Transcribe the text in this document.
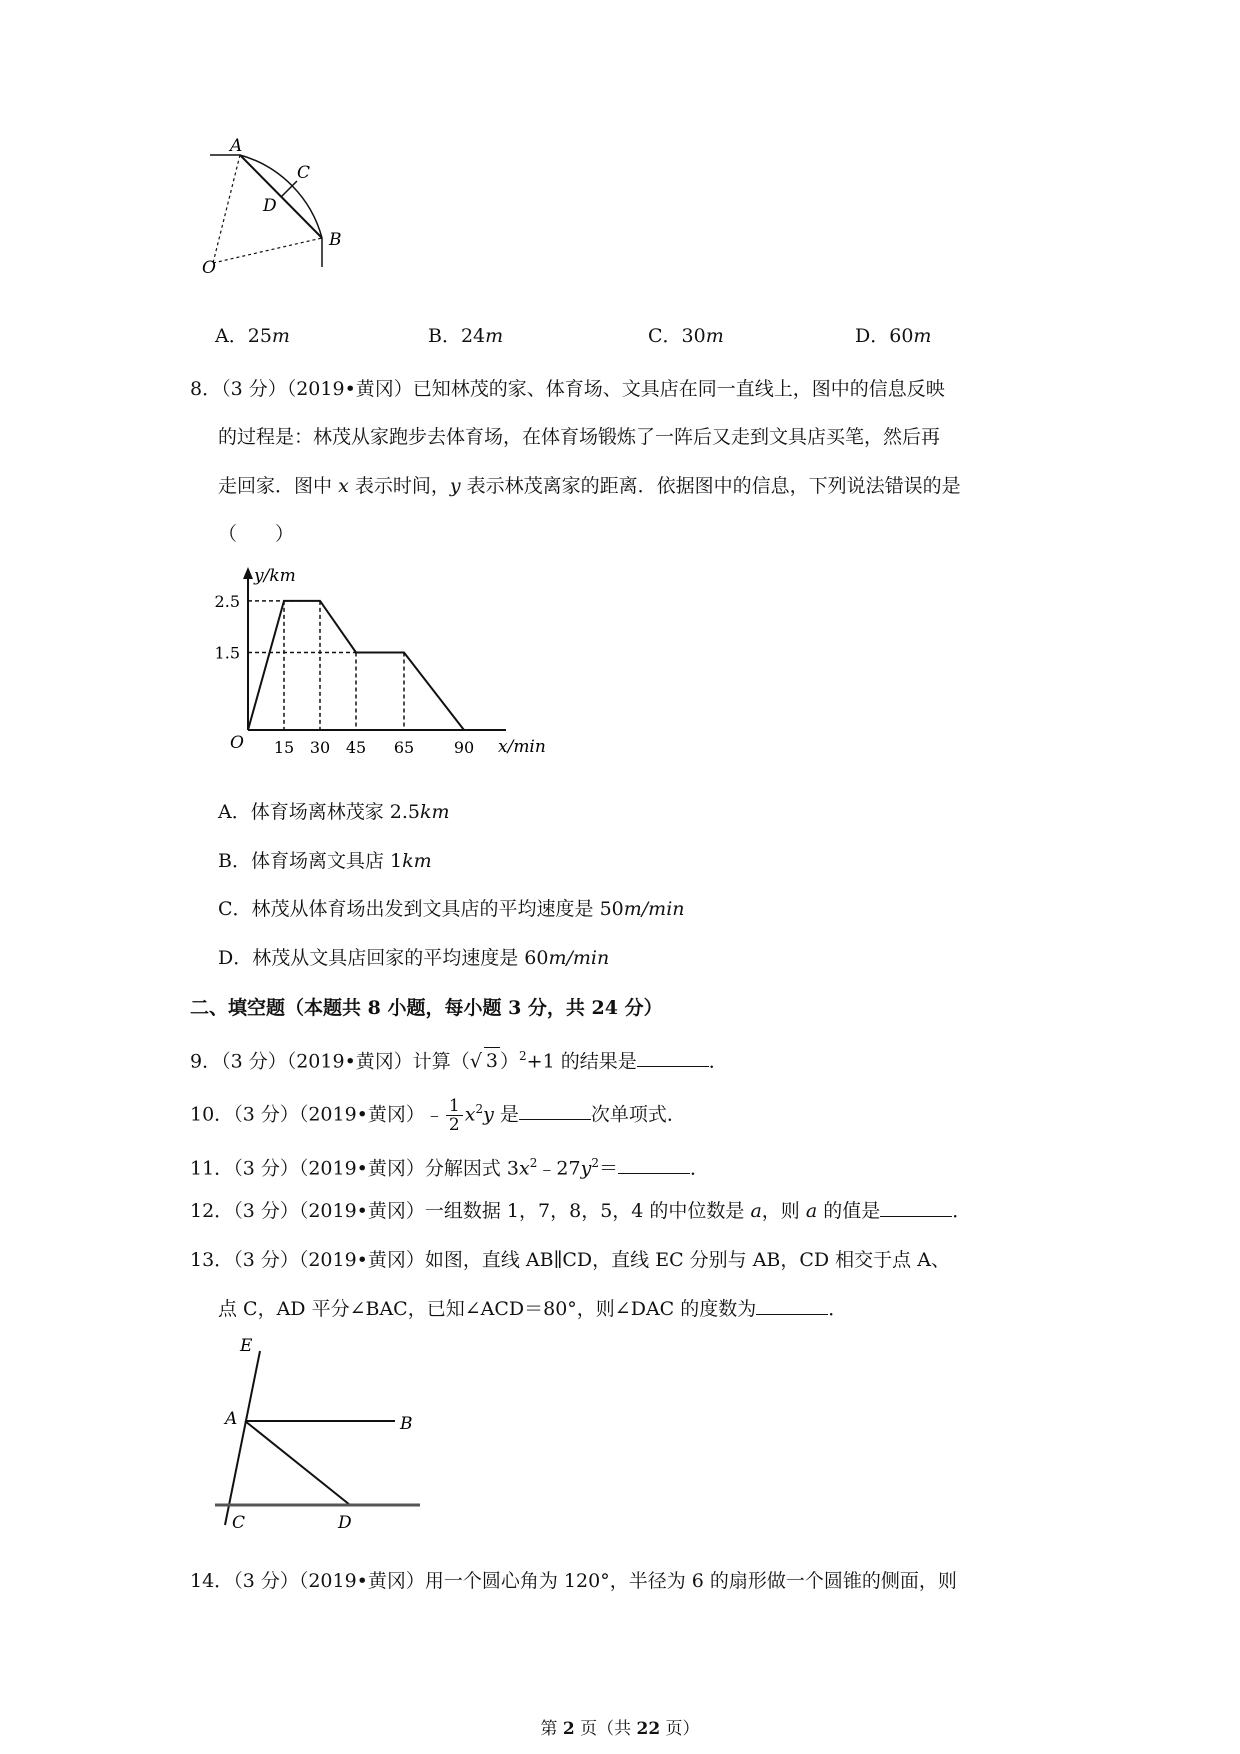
A
C
D
B
O
A．25m	B．24m	C．30m	D．60m
8．（3 分）（2019•黄冈）已知林茂的家、体育场、文具店在同一直线上，图中的信息反映
的过程是：林茂从家跑步去体育场，在体育场锻炼了一阵后又走到文具店买笔，然后再
走回家．图中 x 表示时间，y 表示林茂离家的距离．依据图中的信息，下列说法错误的是
（　　）
15 30 45 65 90
1.5
2.5
O	x/min
y/km
A．体育场离林茂家 2.5km
B．体育场离文具店 1km
C．林茂从体育场出发到文具店的平均速度是 50m/min
D．林茂从文具店回家的平均速度是 60m/min
二、填空题（本题共 8 小题，每小题 3 分，共 24 分）
9．（3 分）（2019•黄冈）计算（√ 3 ）$^2$+1 的结果是	．
10．（3 分）（2019•黄冈）﹣ $\frac{1}{2} x^2y$ 是	次单项式．
11．（3 分）（2019•黄冈）分解因式 $3x^2﹣27y^2=$	．
12．（3 分）（2019•黄冈）一组数据 1，7，8，5，4 的中位数是 a，则 a 的值是	．
13．（3 分）（2019•黄冈）如图，直线 AB∥CD，直线 EC 分别与 AB，CD 相交于点 A、
点 C，AD 平分∠BAC，已知∠ACD＝80°，则∠DAC 的度数为	．
E
A	B
C	D
14．（3 分）（2019•黄冈）用一个圆心角为 120°，半径为 6 的扇形做一个圆锥的侧面，则
第 2 页（共 22 页）
